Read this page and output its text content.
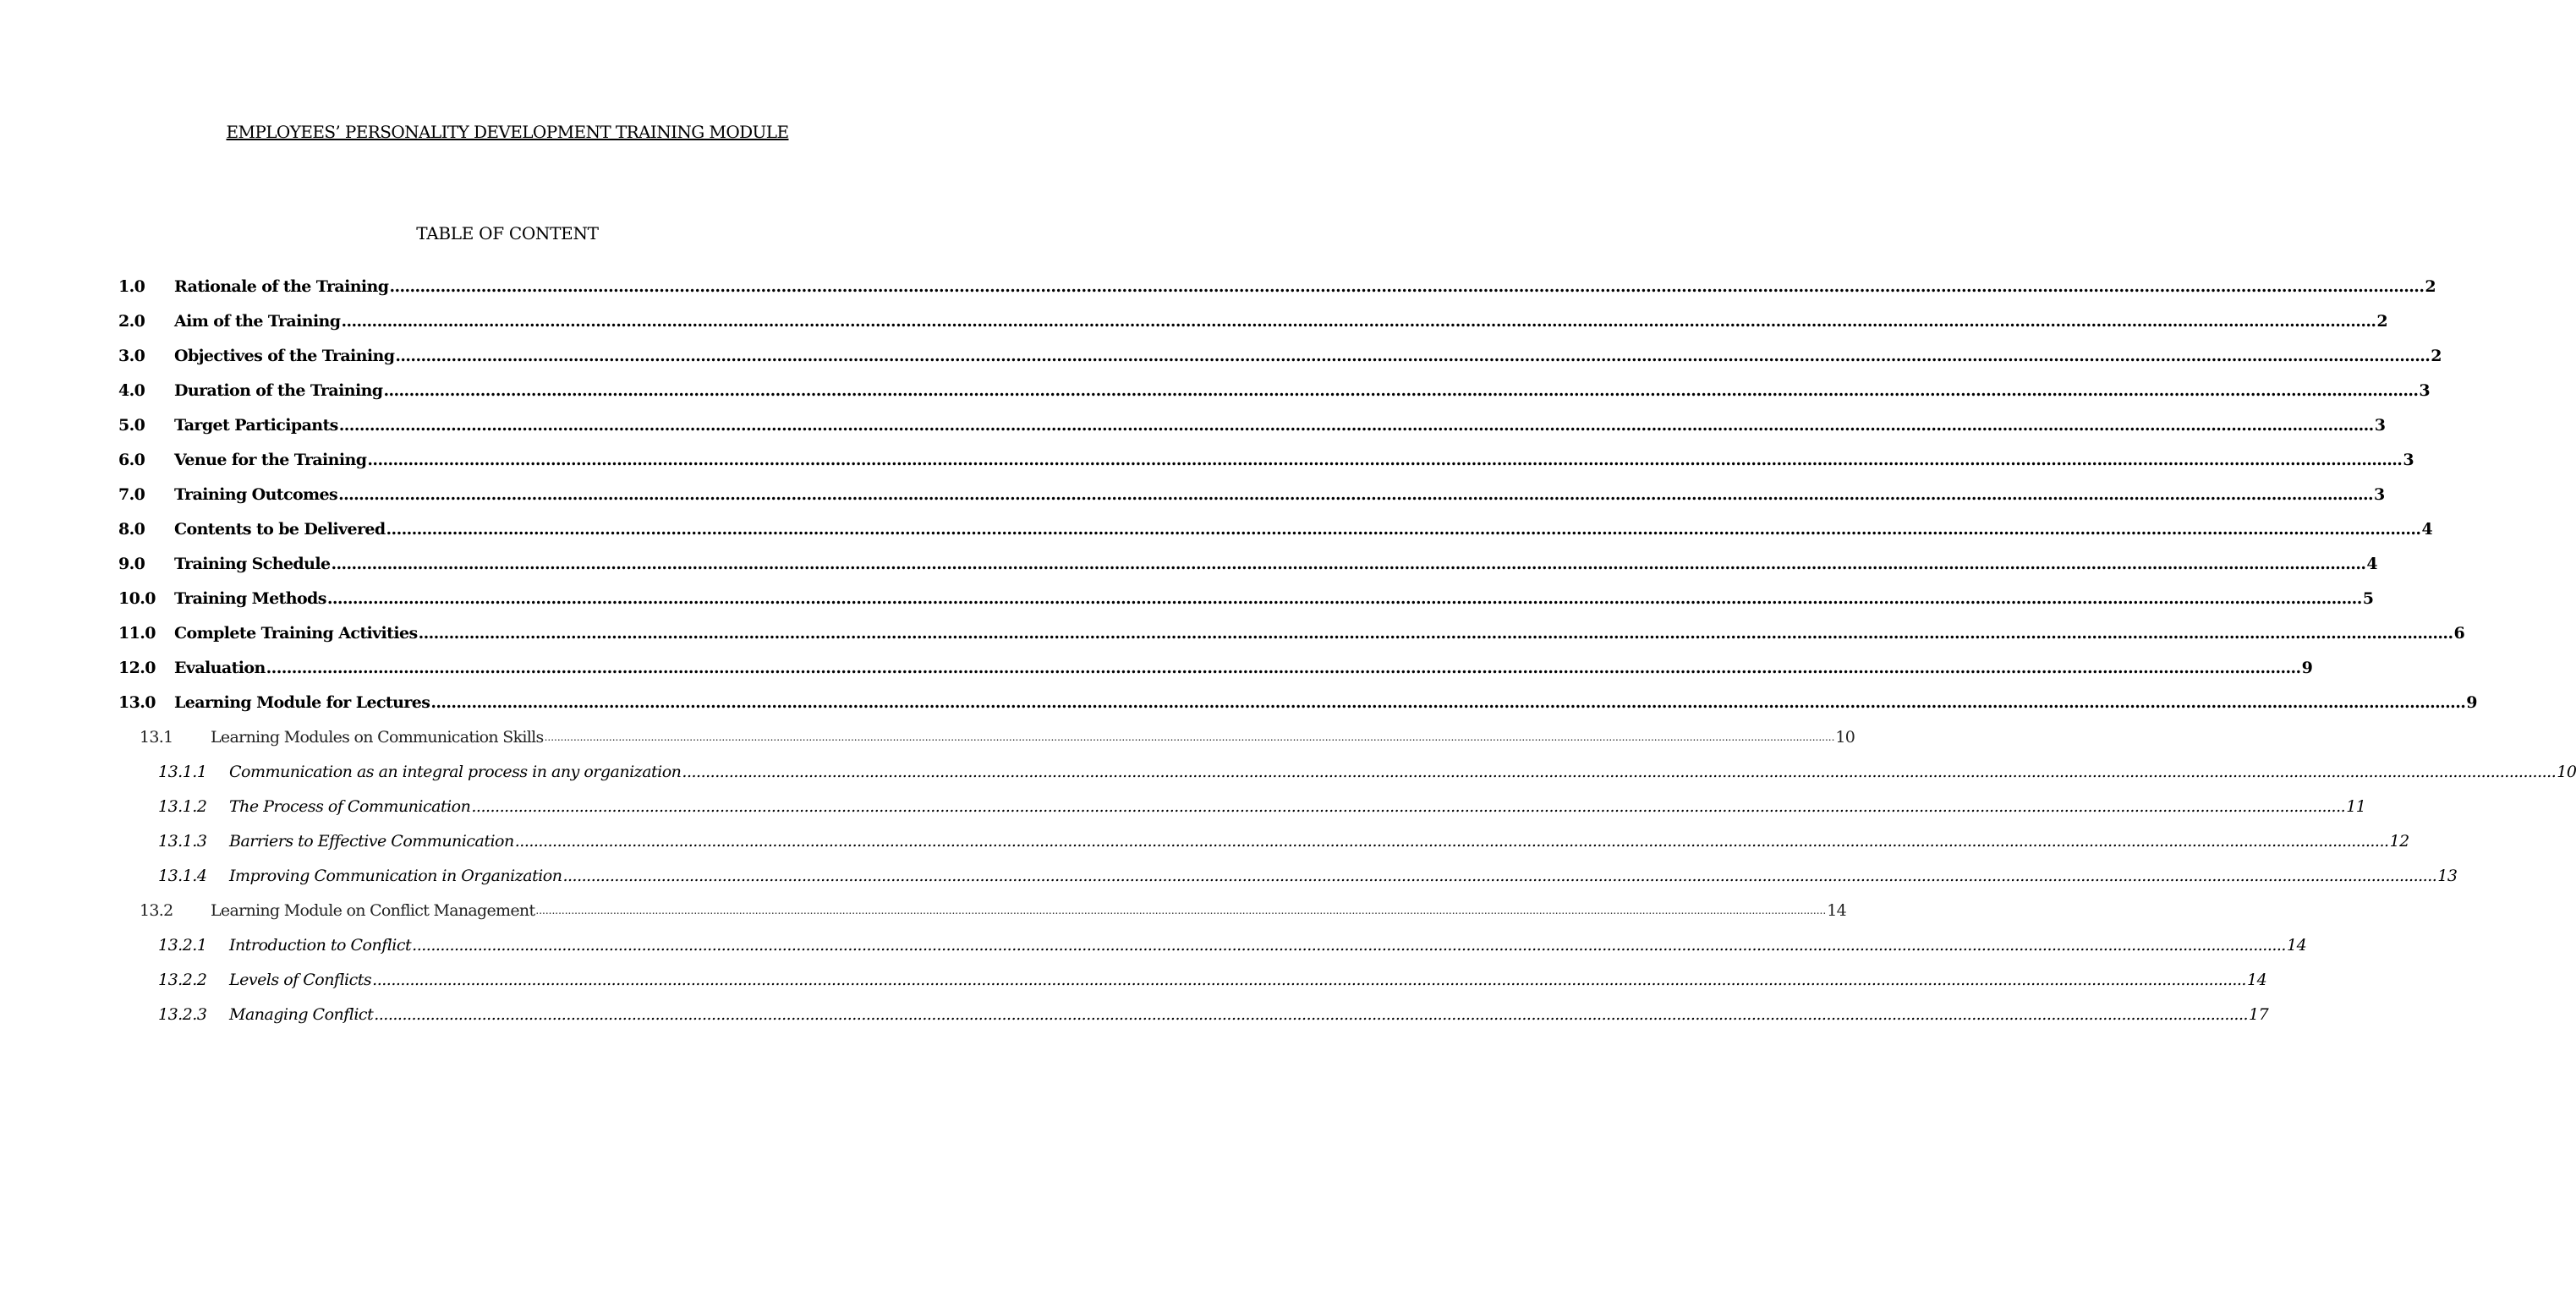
EMPLOYEES’ PERSONALITY DEVELOPMENT TRAINING MODULE
TABLE OF CONTENT
1.0	Rationale of the Training ................................................................................................................................................................................................................................................................................................................................................................................................................ 2
2.0	Aim of the Training ................................................................................................................................................................................................................................................................................................................................................................................................................ 2
3.0	Objectives of the Training ................................................................................................................................................................................................................................................................................................................................................................................................................ 2
4.0	Duration of the Training ................................................................................................................................................................................................................................................................................................................................................................................................................ 3
5.0	Target Participants ................................................................................................................................................................................................................................................................................................................................................................................................................ 3
6.0	Venue for the Training ................................................................................................................................................................................................................................................................................................................................................................................................................ 3
7.0	Training Outcomes ................................................................................................................................................................................................................................................................................................................................................................................................................ 3
8.0	Contents to be Delivered ................................................................................................................................................................................................................................................................................................................................................................................................................ 4
9.0	Training Schedule ................................................................................................................................................................................................................................................................................................................................................................................................................ 4
10.0	Training Methods ................................................................................................................................................................................................................................................................................................................................................................................................................ 5
11.0	Complete Training Activities ................................................................................................................................................................................................................................................................................................................................................................................................................ 6
12.0	Evaluation ................................................................................................................................................................................................................................................................................................................................................................................................................ 9
13.0	Learning Module for Lectures ................................................................................................................................................................................................................................................................................................................................................................................................................ 9
13.1	Learning Modules on Communication Skills ................................................................................................................................................................................................................................................................................................................................................................................................................ 10
13.1.1	Communication as an integral process in any organization ................................................................................................................................................................................................................................................................................................................................................................................................................ 10
13.1.2	The Process of Communication ................................................................................................................................................................................................................................................................................................................................................................................................................ 11
13.1.3	Barriers to Effective Communication ................................................................................................................................................................................................................................................................................................................................................................................................................ 12
13.1.4	Improving Communication in Organization ................................................................................................................................................................................................................................................................................................................................................................................................................ 13
13.2	Learning Module on Conflict Management ................................................................................................................................................................................................................................................................................................................................................................................................................ 14
13.2.1	Introduction to Conflict ................................................................................................................................................................................................................................................................................................................................................................................................................ 14
13.2.2	Levels of Conflicts ................................................................................................................................................................................................................................................................................................................................................................................................................ 14
13.2.3	Managing Conflict ................................................................................................................................................................................................................................................................................................................................................................................................................ 17
